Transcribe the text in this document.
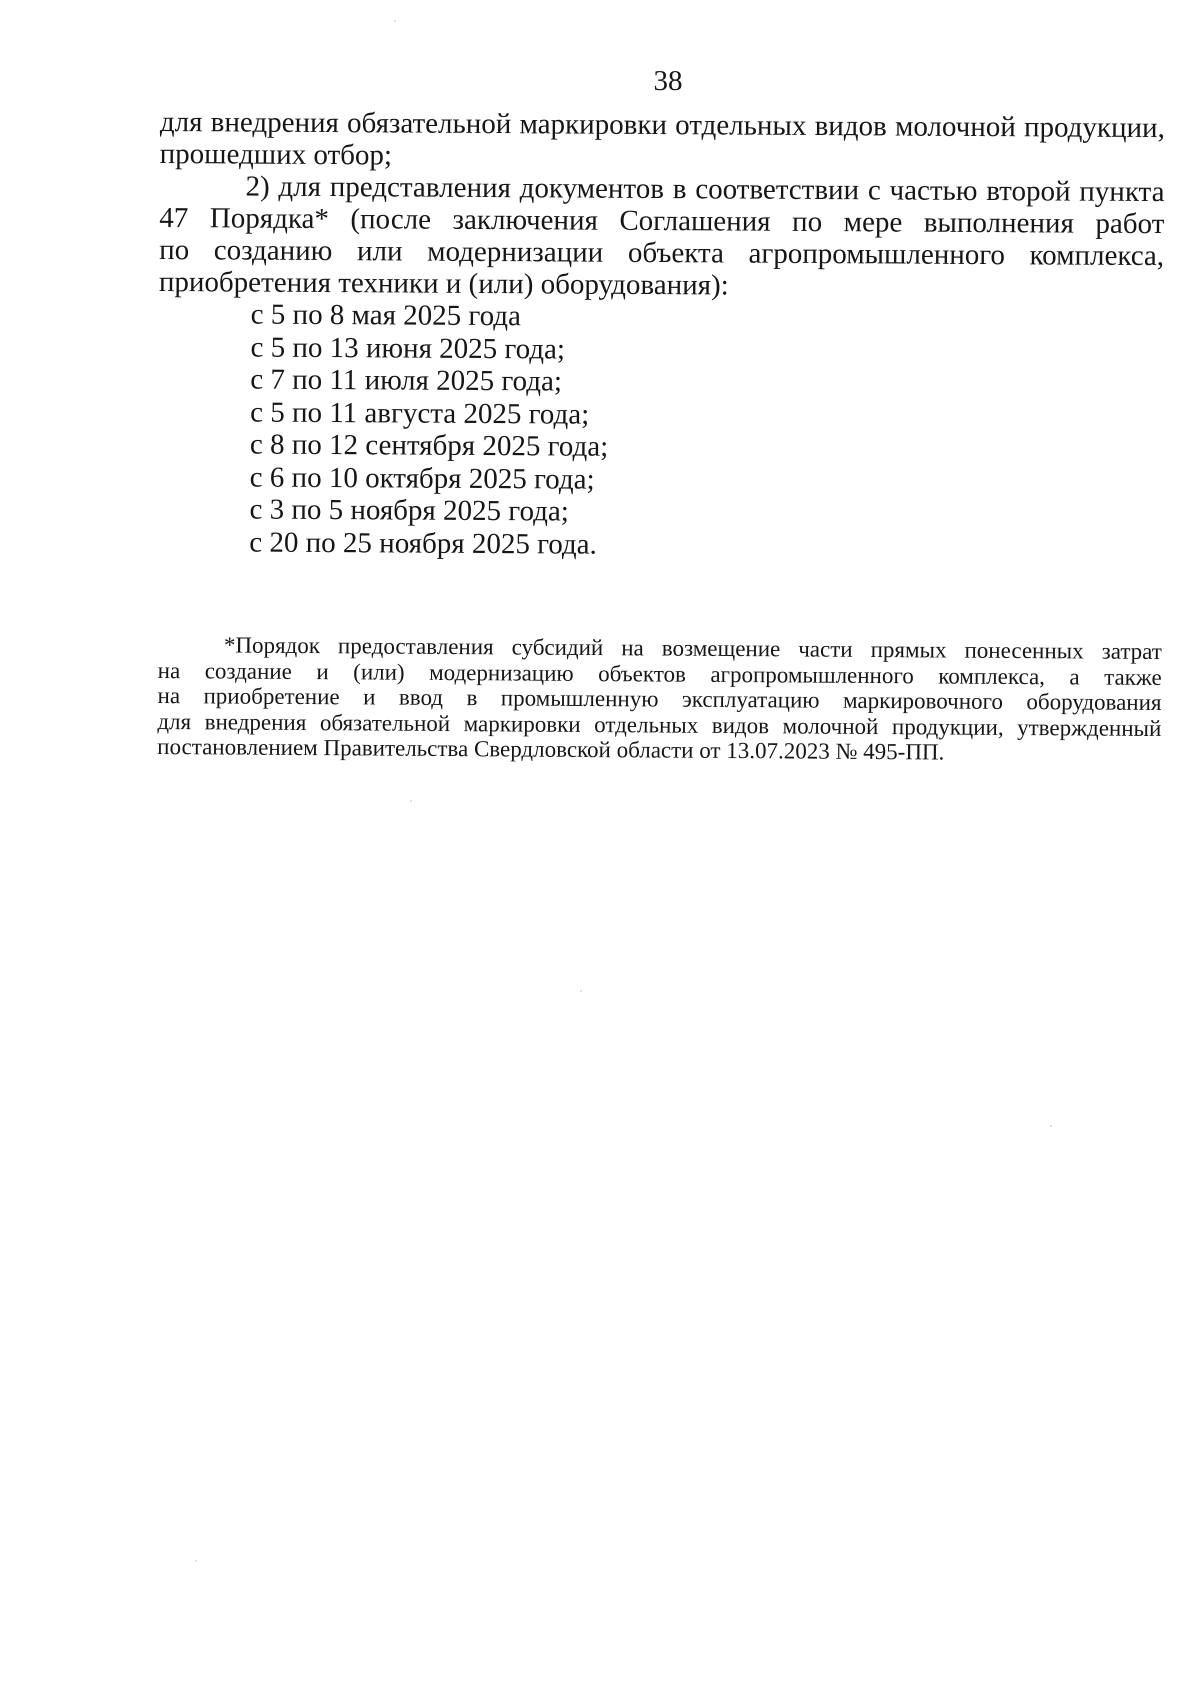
38

для внедрения обязательной маркировки отдельных видов молочной продукции,
прошедших отбор;

2) для представления документов в соответствии с частью второй пункта
47 Порядка* (после заключения Соглашения по мере выполнения работ
по созданию или модернизации объекта агропромышленного комплекса,
приобретения техники и (или) оборудования):

с 5 по 8 мая 2025 года
с 5 по 13 июня 2025 года;
с 7 по 11 июля 2025 года;
с 5 по 11 августа 2025 года;
с 8 по 12 сентября 2025 года;
с 6 по 10 октября 2025 года;
с 3 по 5 ноября 2025 года;
с 20 по 25 ноября 2025 года.
*Порядок предоставления субсидий на возмещение части прямых понесенных затрат
на создание и (или) модернизацию объектов агропромышленного комплекса, а также
на приобретение и ввод в промышленную эксплуатацию маркировочного оборудования
для внедрения обязательной маркировки отдельных видов молочной продукции, утвержденный
постановлением Правительства Свердловской области от 13.07.2023 № 495-ПП.
